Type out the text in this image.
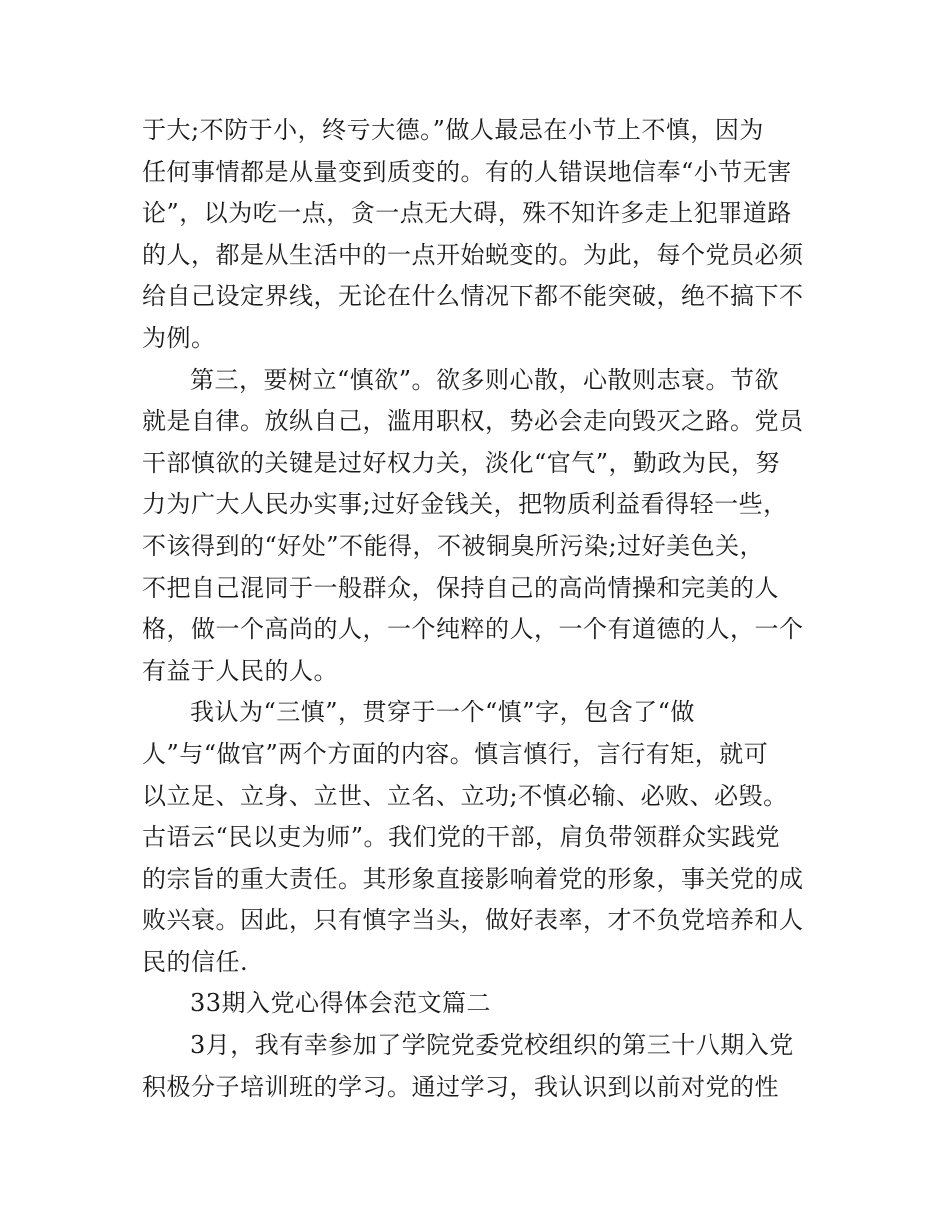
于大;不防于小，终亏大德。”做人最忌在小节上不慎，因为
任何事情都是从量变到质变的。有的人错误地信奉“小节无害
论”，以为吃一点，贪一点无大碍，殊不知许多走上犯罪道路
的人，都是从生活中的一点开始蜕变的。为此，每个党员必须
给自己设定界线，无论在什么情况下都不能突破，绝不搞下不
为例。
第三，要树立“慎欲”。欲多则心散，心散则志衰。节欲
就是自律。放纵自己，滥用职权，势必会走向毁灭之路。党员
干部慎欲的关键是过好权力关，淡化“官气”，勤政为民，努
力为广大人民办实事;过好金钱关，把物质利益看得轻一些，
不该得到的“好处”不能得，不被铜臭所污染;过好美色关，
不把自己混同于一般群众，保持自己的高尚情操和完美的人
格，做一个高尚的人，一个纯粹的人，一个有道德的人，一个
有益于人民的人。
我认为“三慎”，贯穿于一个“慎”字，包含了“做
人”与“做官”两个方面的内容。慎言慎行，言行有矩，就可
以立足、立身、立世、立名、立功;不慎必输、必败、必毁。
古语云“民以吏为师”。我们党的干部，肩负带领群众实践党
的宗旨的重大责任。其形象直接影响着党的形象，事关党的成
败兴衰。因此，只有慎字当头，做好表率，才不负党培养和人
民的信任.
33期入党心得体会范文篇二
3月，我有幸参加了学院党委党校组织的第三十八期入党
积极分子培训班的学习。通过学习，我认识到以前对党的性
